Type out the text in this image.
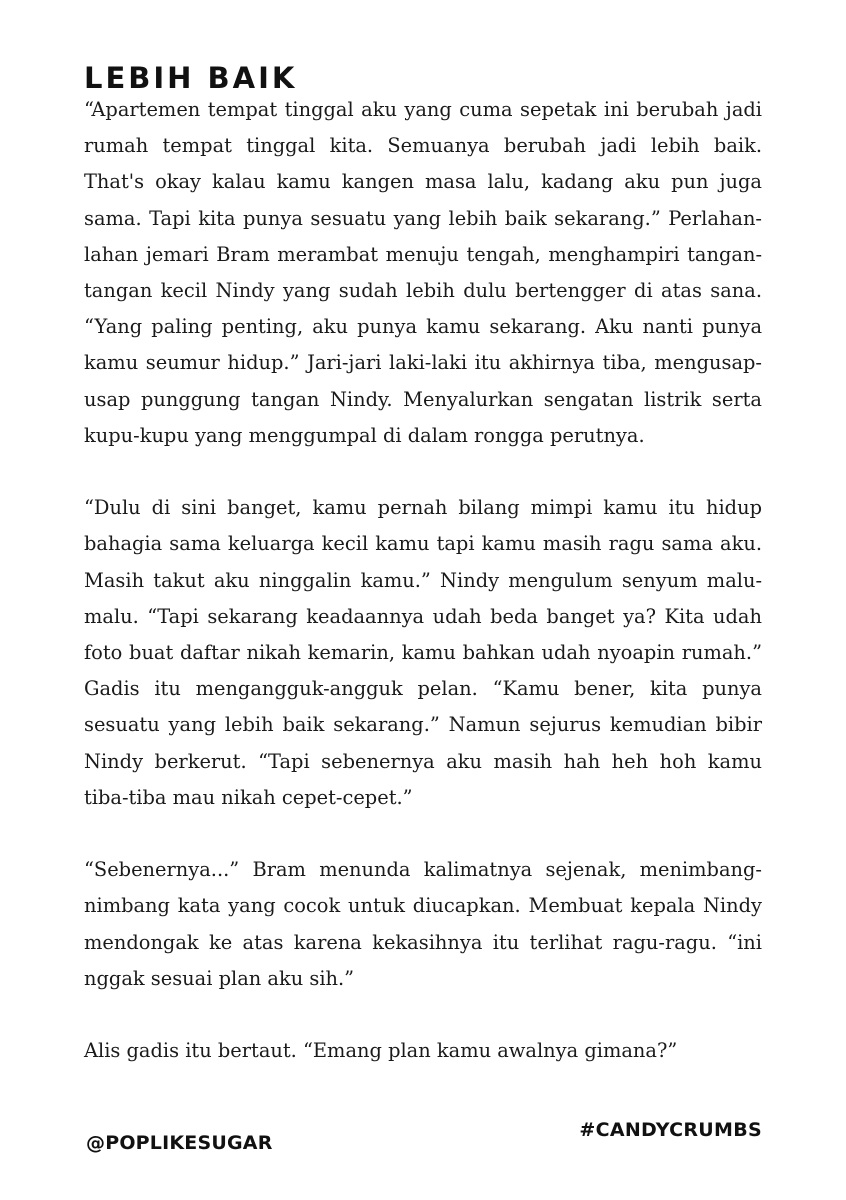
LEBIH BAIK

“Apartemen tempat tinggal aku yang cuma sepetak ini berubah jadi rumah tempat tinggal kita. Semuanya berubah jadi lebih baik. That's okay kalau kamu kangen masa lalu, kadang aku pun juga sama. Tapi kita punya sesuatu yang lebih baik sekarang.” Perlahan-lahan jemari Bram merambat menuju tengah, menghampiri tangan-tangan kecil Nindy yang sudah lebih dulu bertengger di atas sana. “Yang paling penting, aku punya kamu sekarang. Aku nanti punya kamu seumur hidup.” Jari-jari laki-laki itu akhirnya tiba, mengusap-usap punggung tangan Nindy. Menyalurkan sengatan listrik serta kupu-kupu yang menggumpal di dalam rongga perutnya.

“Dulu di sini banget, kamu pernah bilang mimpi kamu itu hidup bahagia sama keluarga kecil kamu tapi kamu masih ragu sama aku. Masih takut aku ninggalin kamu.” Nindy mengulum senyum malu-malu. “Tapi sekarang keadaannya udah beda banget ya? Kita udah foto buat daftar nikah kemarin, kamu bahkan udah nyoapin rumah.” Gadis itu mengangguk-angguk pelan. “Kamu bener, kita punya sesuatu yang lebih baik sekarang.” Namun sejurus kemudian bibir Nindy berkerut. “Tapi sebenernya aku masih hah heh hoh kamu tiba-tiba mau nikah cepet-cepet.”

“Sebenernya...” Bram menunda kalimatnya sejenak, menimbang-nimbang kata yang cocok untuk diucapkan. Membuat kepala Nindy mendongak ke atas karena kekasihnya itu terlihat ragu-ragu. “ini nggak sesuai plan aku sih.”

Alis gadis itu bertaut. “Emang plan kamu awalnya gimana?”

#CANDYCRUMBS
@POPLIKESUGAR
